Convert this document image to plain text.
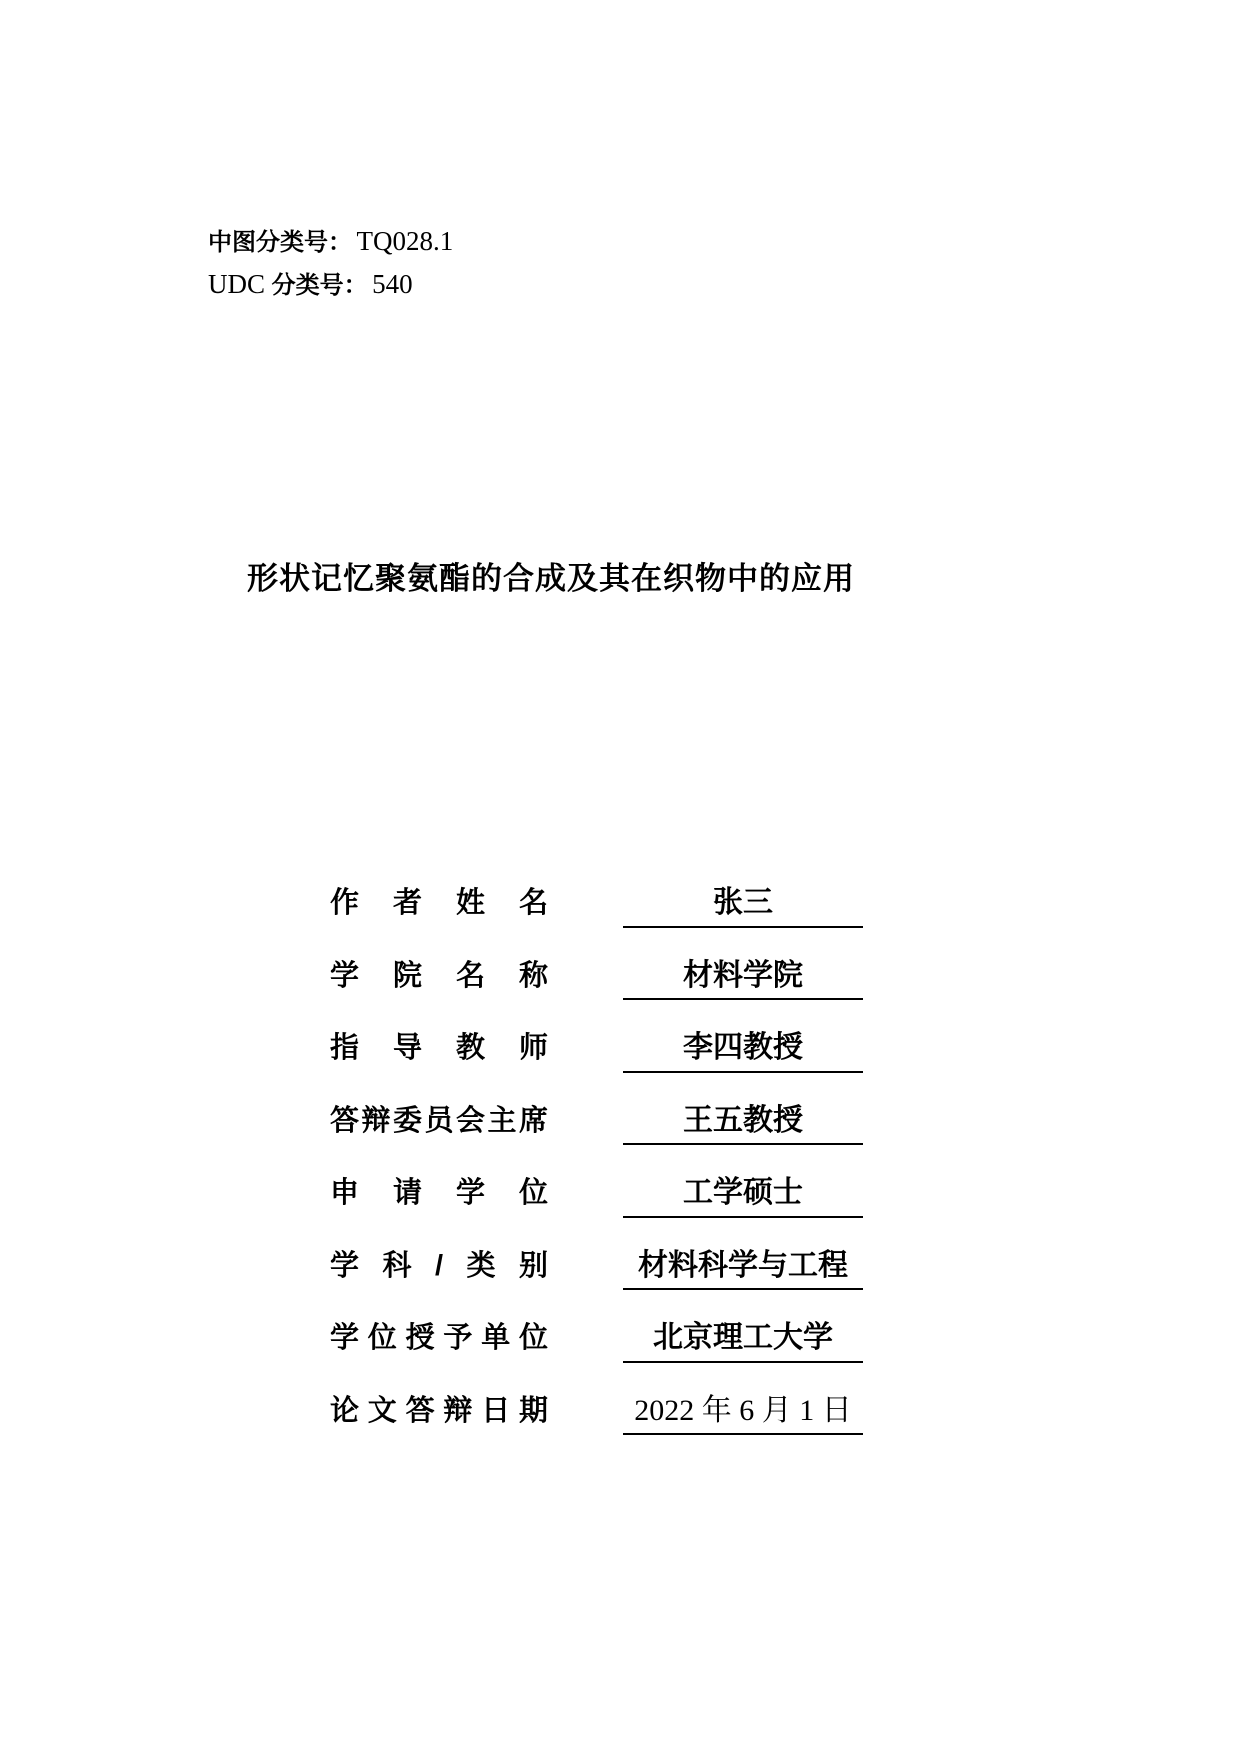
中图分类号： TQ028.1
UDC 分类号： 540
形状记忆聚氨酯的合成及其在织物中的应用
作者姓名	张三
学院名称	材料学院
指导教师	李四教授
答辩委员会主席	王五教授
申请学位	工学硕士
学科/类别	材料科学与工程
学位授予单位	北京理工大学
论文答辩日期	2022 年 6 月 1 日
